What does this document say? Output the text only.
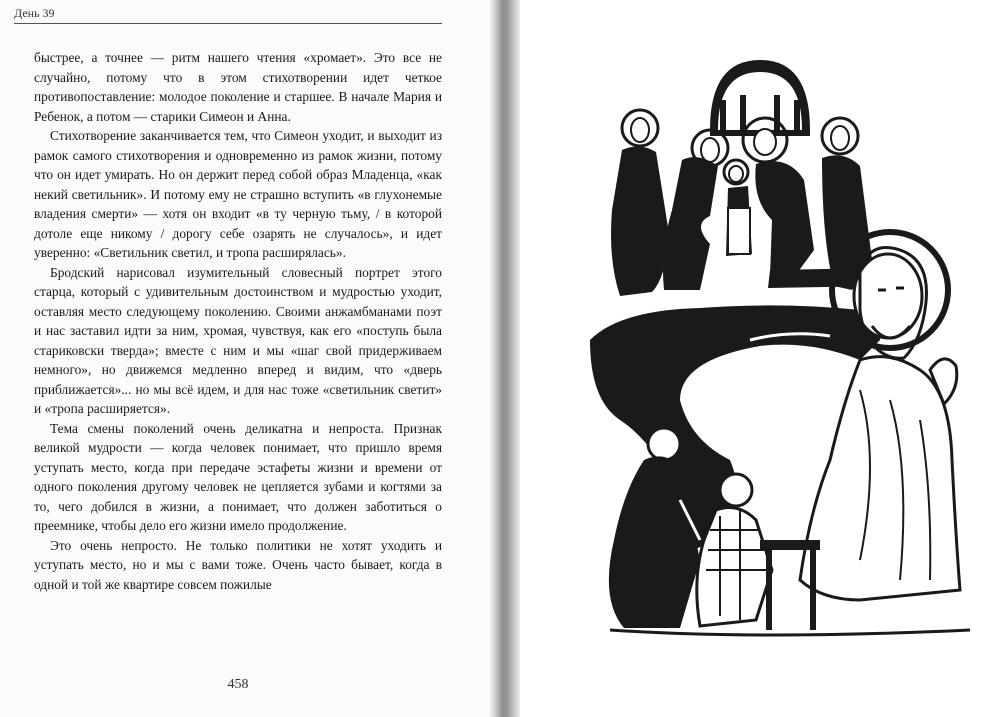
День 39

быстрее, а точнее — ритм нашего чтения «хромает». Это все не случайно, потому что в этом стихотворении идет четкое противопоставление: молодое поколение и старшее. В начале Мария и Ребенок, а потом — старики Симеон и Анна.

Стихотворение заканчивается тем, что Симеон уходит, и выходит из рамок самого стихотворения и одновременно из рамок жизни, потому что он идет умирать. Но он держит перед собой образ Младенца, «как некий светильник». И потому ему не страшно вступить «в глухонемые владения смерти» — хотя он входит «в ту черную тьму, / в которой дотоле еще никому / дорогу себе озарять не случалось», и идет уверенно: «Светильник светил, и тропа расширялась».

Бродский нарисовал изумительный словесный портрет этого старца, который с удивительным достоинством и мудростью уходит, оставляя место следующему поколению. Своими анжамбманами поэт и нас заставил идти за ним, хромая, чувствуя, как его «поступь была стариковски тверда»; вместе с ним и мы «шаг свой придерживаем немного», но движемся медленно вперед и видим, что «дверь приближается»... но мы всё идем, и для нас тоже «светильник светит» и «тропа расширяется».

Тема смены поколений очень деликатна и непроста. Признак великой мудрости — когда человек понимает, что пришло время уступать место, когда при передаче эстафеты жизни и времени от одного поколения другому человек не цепляется зубами и когтями за то, чего добился в жизни, а понимает, что должен заботиться о преемнике, чтобы дело его жизни имело продолжение.

Это очень непросто. Не только политики не хотят уходить и уступать место, но и мы с вами тоже. Очень часто бывает, когда в одной и той же квартире совсем пожилые

458
